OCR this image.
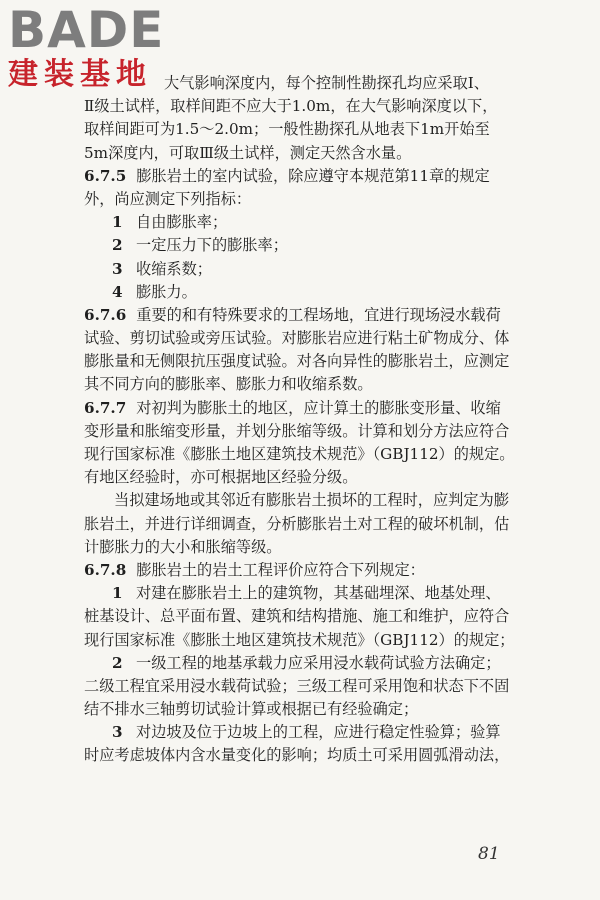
BADE
建装基地 大气影响深度内，每个控制性勘探孔均应采取Ⅰ、
Ⅱ级土试样，取样间距不应大于1.0m，在大气影响深度以下，
取样间距可为1.5～2.0m；一般性勘探孔从地表下1m开始至
5m深度内，可取Ⅲ级土试样，测定天然含水量。
6.7.5 膨胀岩土的室内试验，除应遵守本规范第11章的规定
外，尚应测定下列指标：
1 自由膨胀率；
2 一定压力下的膨胀率；
3 收缩系数；
4 膨胀力。
6.7.6 重要的和有特殊要求的工程场地，宜进行现场浸水载荷
试验、剪切试验或旁压试验。对膨胀岩应进行粘土矿物成分、体
膨胀量和无侧限抗压强度试验。对各向异性的膨胀岩土，应测定
其不同方向的膨胀率、膨胀力和收缩系数。
6.7.7 对初判为膨胀土的地区，应计算土的膨胀变形量、收缩
变形量和胀缩变形量，并划分胀缩等级。计算和划分方法应符合
现行国家标准《膨胀土地区建筑技术规范》（GBJ112）的规定。
有地区经验时，亦可根据地区经验分级。
当拟建场地或其邻近有膨胀岩土损坏的工程时，应判定为膨
胀岩土，并进行详细调查，分析膨胀岩土对工程的破坏机制，估
计膨胀力的大小和胀缩等级。
6.7.8 膨胀岩土的岩土工程评价应符合下列规定：
1 对建在膨胀岩土上的建筑物，其基础埋深、地基处理、
桩基设计、总平面布置、建筑和结构措施、施工和维护，应符合
现行国家标准《膨胀土地区建筑技术规范》（GBJ112）的规定；
2 一级工程的地基承载力应采用浸水载荷试验方法确定；
二级工程宜采用浸水载荷试验；三级工程可采用饱和状态下不固
结不排水三轴剪切试验计算或根据已有经验确定；
3 对边坡及位于边坡上的工程，应进行稳定性验算；验算
时应考虑坡体内含水量变化的影响；均质土可采用圆弧滑动法，
81
